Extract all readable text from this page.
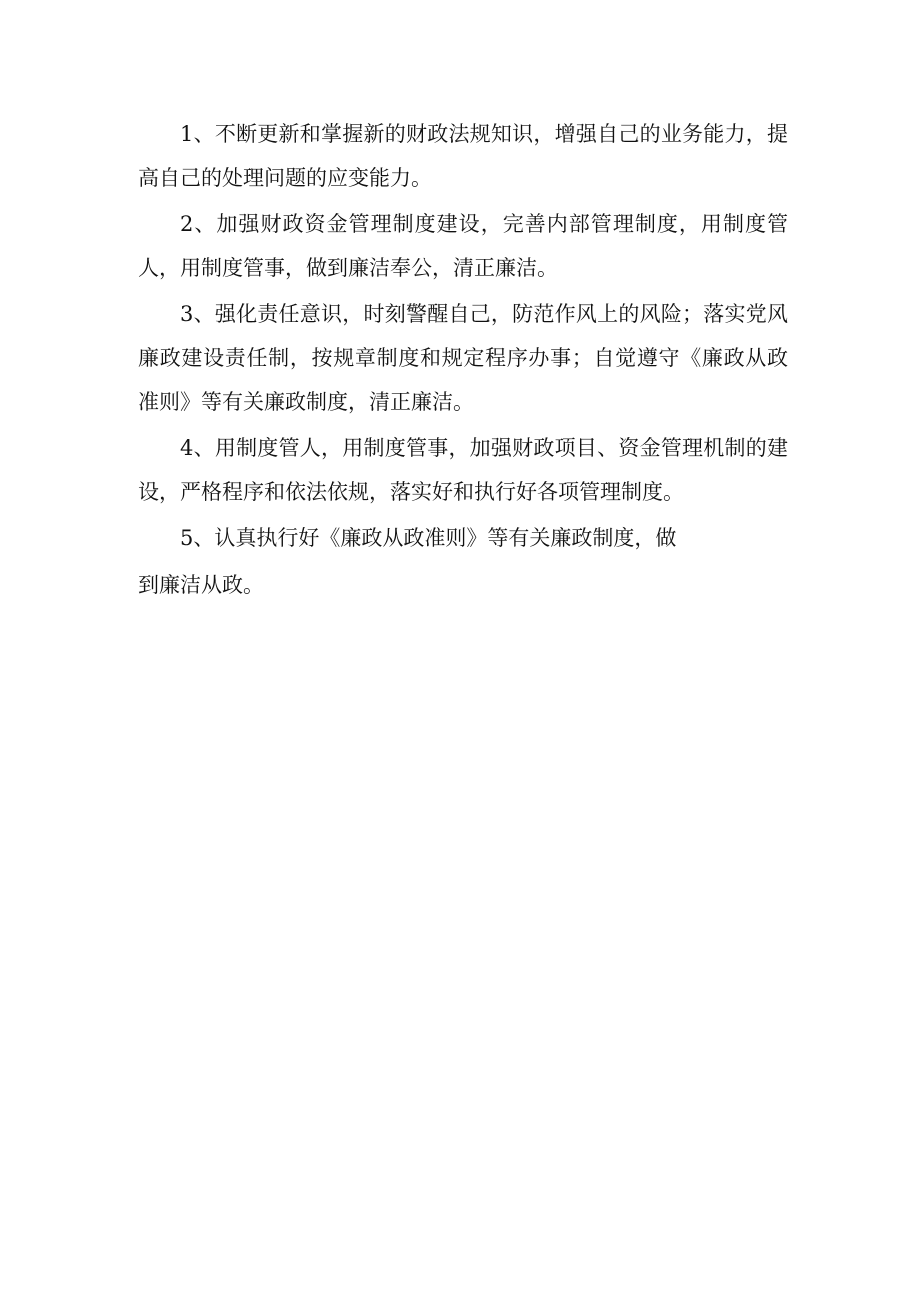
1、不断更新和掌握新的财政法规知识，增强自己的业务能力，提高自己的处理问题的应变能力。

2、加强财政资金管理制度建设，完善内部管理制度，用制度管人，用制度管事，做到廉洁奉公，清正廉洁。

3、强化责任意识，时刻警醒自己，防范作风上的风险；落实党风廉政建设责任制，按规章制度和规定程序办事；自觉遵守《廉政从政准则》等有关廉政制度，清正廉洁。

4、用制度管人，用制度管事，加强财政项目、资金管理机制的建设，严格程序和依法依规，落实好和执行好各项管理制度。

5、认真执行好《廉政从政准则》等有关廉政制度，做
到廉洁从政。
